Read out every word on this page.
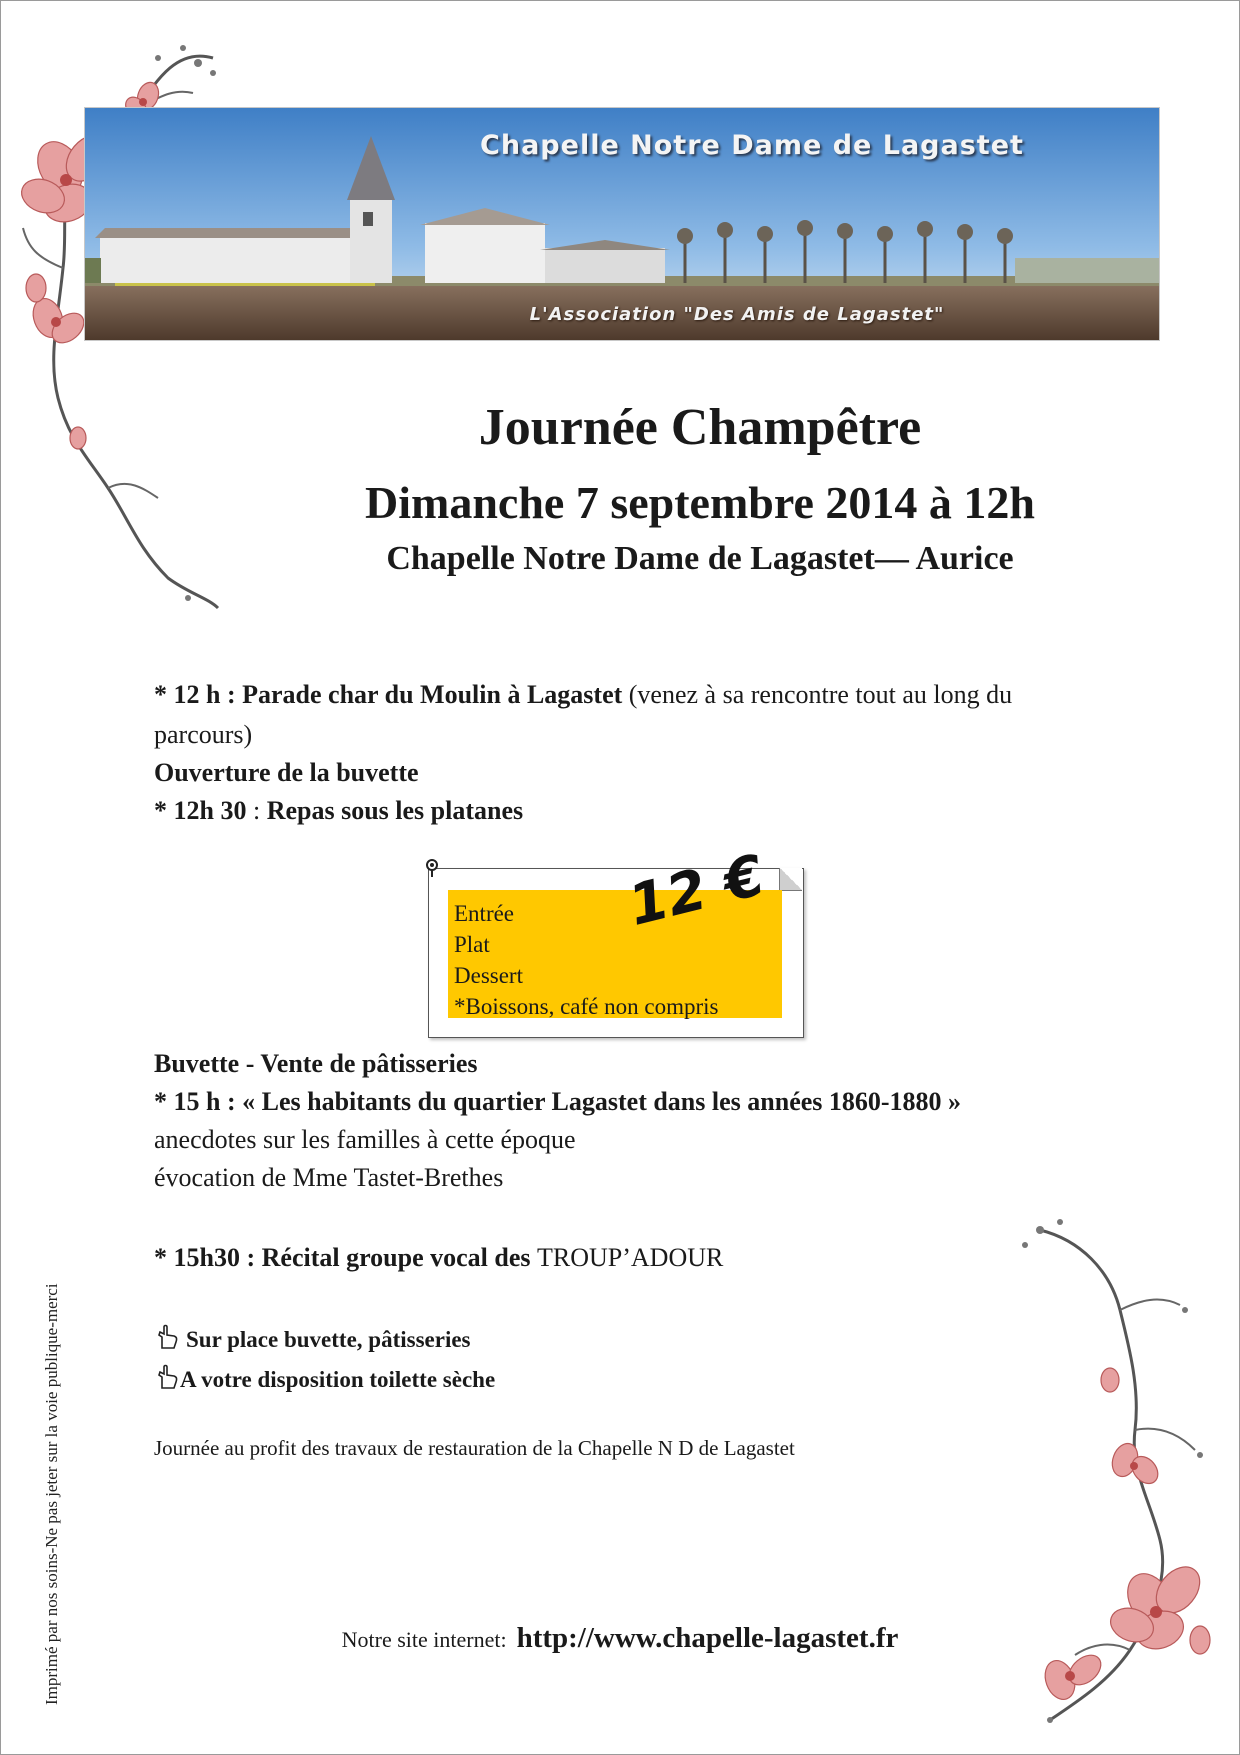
Chapelle Notre Dame de Lagastet
L'Association "Des Amis de Lagastet"
Journée Champêtre
Dimanche 7 septembre 2014 à 12h
Chapelle Notre Dame de Lagastet— Aurice
* 12 h : Parade char du Moulin à Lagastet (venez à sa rencontre tout au long du parcours)
Ouverture de la buvette
* 12h 30 : Repas sous les platanes
Entrée
Plat
Dessert
*Boissons, café non compris
12 €
Buvette - Vente de pâtisseries
* 15 h : « Les habitants du quartier Lagastet dans les années 1860-1880 »
anecdotes sur les familles à cette époque
évocation de Mme Tastet-Brethes
* 15h30 : Récital groupe vocal des TROUP’ADOUR
Sur place buvette, pâtisseries
A votre disposition toilette sèche
Journée au profit des travaux de restauration de la Chapelle N D de Lagastet
Notre site internet: http://www.chapelle-lagastet.fr
Imprimé par nos soins-Ne pas jeter sur la voie publique-merci
